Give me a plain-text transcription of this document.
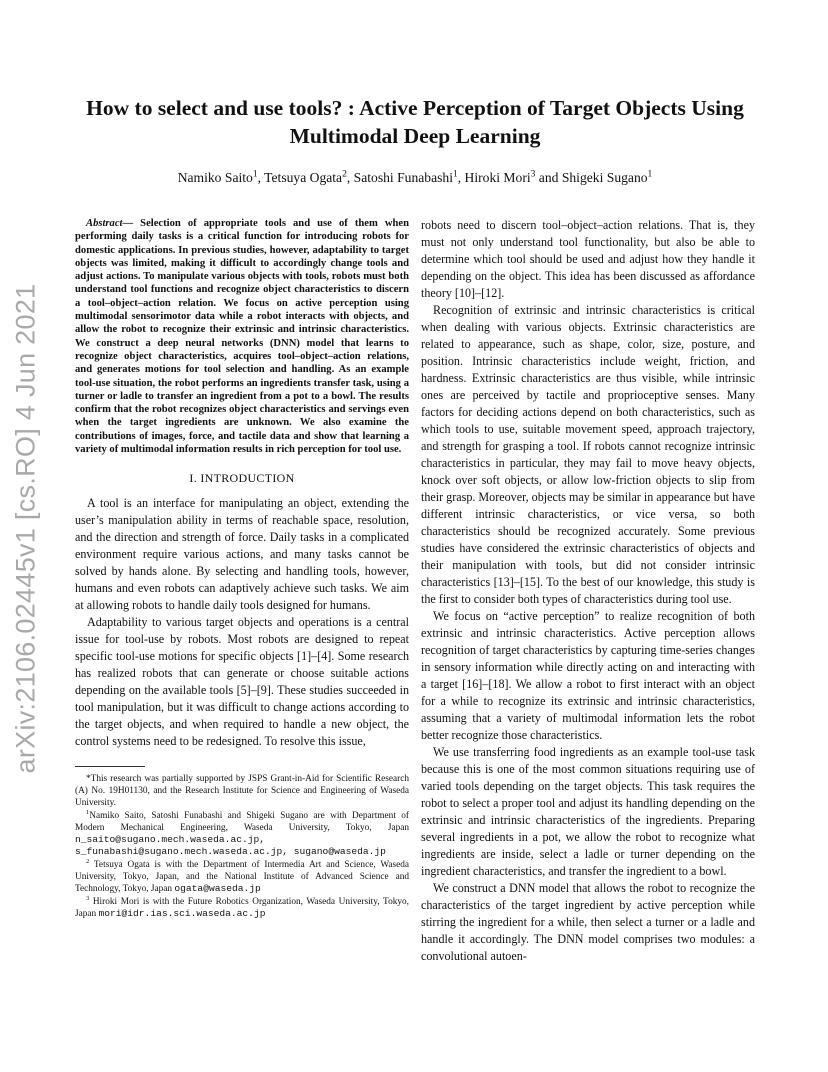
arXiv:2106.02445v1 [cs.RO] 4 Jun 2021
How to select and use tools? : Active Perception of Target Objects Using Multimodal Deep Learning

Namiko Saito$^1$, Tetsuya Ogata$^2$, Satoshi Funabashi$^1$, Hiroki Mori$^3$ and Shigeki Sugano$^1$

Abstract— Selection of appropriate tools and use of them when performing daily tasks is a critical function for introducing robots for domestic applications. In previous studies, however, adaptability to target objects was limited, making it difficult to accordingly change tools and adjust actions. To manipulate various objects with tools, robots must both understand tool functions and recognize object characteristics to discern a tool–object–action relation. We focus on active perception using multimodal sensorimotor data while a robot interacts with objects, and allow the robot to recognize their extrinsic and intrinsic characteristics. We construct a deep neural networks (DNN) model that learns to recognize object characteristics, acquires tool–object–action relations, and generates motions for tool selection and handling. As an example tool-use situation, the robot performs an ingredients transfer task, using a turner or ladle to transfer an ingredient from a pot to a bowl. The results confirm that the robot recognizes object characteristics and servings even when the target ingredients are unknown. We also examine the contributions of images, force, and tactile data and show that learning a variety of multimodal information results in rich perception for tool use.

I. INTRODUCTION

A tool is an interface for manipulating an object, extending the user’s manipulation ability in terms of reachable space, resolution, and the direction and strength of force. Daily tasks in a complicated environment require various actions, and many tasks cannot be solved by hands alone. By selecting and handling tools, however, humans and even robots can adaptively achieve such tasks. We aim at allowing robots to handle daily tools designed for humans.

Adaptability to various target objects and operations is a central issue for tool-use by robots. Most robots are designed to repeat specific tool-use motions for specific objects [1]–[4]. Some research has realized robots that can generate or choose suitable actions depending on the available tools [5]–[9]. These studies succeeded in tool manipulation, but it was difficult to change actions according to the target objects, and when required to handle a new object, the control systems need to be redesigned. To resolve this issue,

*This research was partially supported by JSPS Grant-in-Aid for Scientific Research (A) No. 19H01130, and the Research Institute for Science and Engineering of Waseda University.

$^1$Namiko Saito, Satoshi Funabashi and Shigeki Sugano are with Department of Modern Mechanical Engineering, Waseda University, Tokyo, Japan n_saito@sugano.mech.waseda.ac.jp, s_funabashi@sugano.mech.waseda.ac.jp, sugano@waseda.jp

$^2$ Tetsuya Ogata is with the Department of Intermedia Art and Science, Waseda University, Tokyo, Japan, and the National Institute of Advanced Science and Technology, Tokyo, Japan ogata@waseda.jp

$^3$ Hiroki Mori is with the Future Robotics Organization, Waseda University, Tokyo, Japan mori@idr.ias.sci.waseda.ac.jp

robots need to discern tool–object–action relations. That is, they must not only understand tool functionality, but also be able to determine which tool should be used and adjust how they handle it depending on the object. This idea has been discussed as affordance theory [10]–[12].

Recognition of extrinsic and intrinsic characteristics is critical when dealing with various objects. Extrinsic characteristics are related to appearance, such as shape, color, size, posture, and position. Intrinsic characteristics include weight, friction, and hardness. Extrinsic characteristics are thus visible, while intrinsic ones are perceived by tactile and proprioceptive senses. Many factors for deciding actions depend on both characteristics, such as which tools to use, suitable movement speed, approach trajectory, and strength for grasping a tool. If robots cannot recognize intrinsic characteristics in particular, they may fail to move heavy objects, knock over soft objects, or allow low-friction objects to slip from their grasp. Moreover, objects may be similar in appearance but have different intrinsic characteristics, or vice versa, so both characteristics should be recognized accurately. Some previous studies have considered the extrinsic characteristics of objects and their manipulation with tools, but did not consider intrinsic characteristics [13]–[15]. To the best of our knowledge, this study is the first to consider both types of characteristics during tool use.

We focus on “active perception” to realize recognition of both extrinsic and intrinsic characteristics. Active perception allows recognition of target characteristics by capturing time-series changes in sensory information while directly acting on and interacting with a target [16]–[18]. We allow a robot to first interact with an object for a while to recognize its extrinsic and intrinsic characteristics, assuming that a variety of multimodal information lets the robot better recognize those characteristics.

We use transferring food ingredients as an example tool-use task because this is one of the most common situations requiring use of varied tools depending on the target objects. This task requires the robot to select a proper tool and adjust its handling depending on the extrinsic and intrinsic characteristics of the ingredients. Preparing several ingredients in a pot, we allow the robot to recognize what ingredients are inside, select a ladle or turner depending on the ingredient characteristics, and transfer the ingredient to a bowl.

We construct a DNN model that allows the robot to recognize the characteristics of the target ingredient by active perception while stirring the ingredient for a while, then select a turner or a ladle and handle it accordingly. The DNN model comprises two modules: a convolutional autoen-
